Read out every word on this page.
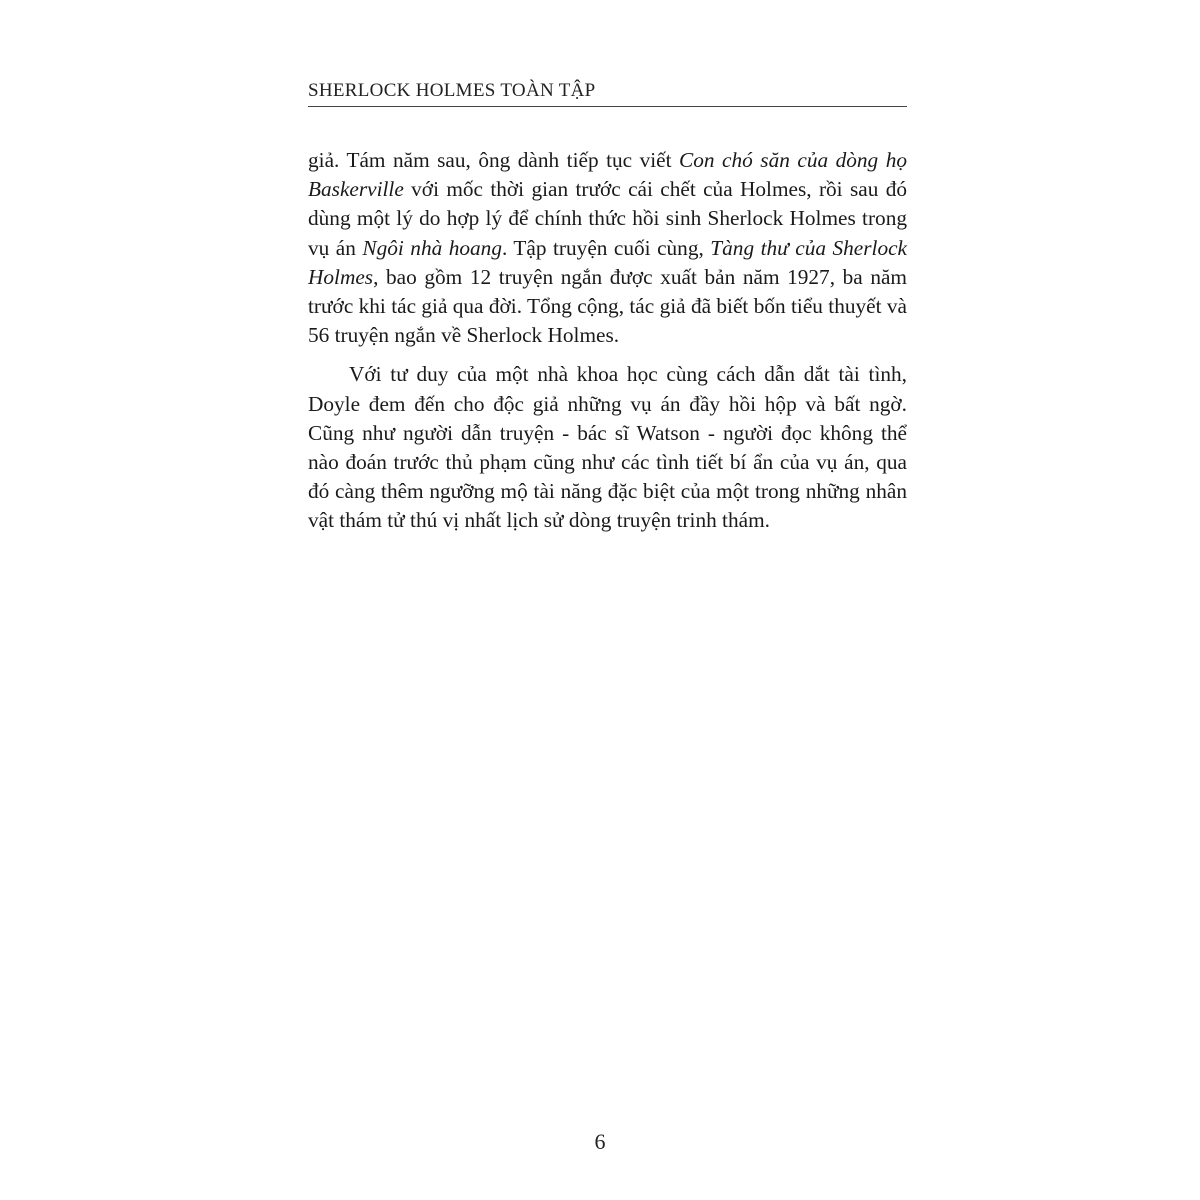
SHERLOCK HOLMES TOÀN TẬP

giả. Tám năm sau, ông dành tiếp tục viết Con chó săn của dòng họ Baskerville với mốc thời gian trước cái chết của Holmes, rồi sau đó dùng một lý do hợp lý để chính thức hồi sinh Sherlock Holmes trong vụ án Ngôi nhà hoang. Tập truyện cuối cùng, Tàng thư của Sherlock Holmes, bao gồm 12 truyện ngắn được xuất bản năm 1927, ba năm trước khi tác giả qua đời. Tổng cộng, tác giả đã biết bốn tiểu thuyết và 56 truyện ngắn về Sherlock Holmes.

Với tư duy của một nhà khoa học cùng cách dẫn dắt tài tình, Doyle đem đến cho độc giả những vụ án đầy hồi hộp và bất ngờ. Cũng như người dẫn truyện - bác sĩ Watson - người đọc không thể nào đoán trước thủ phạm cũng như các tình tiết bí ẩn của vụ án, qua đó càng thêm ngưỡng mộ tài năng đặc biệt của một trong những nhân vật thám tử thú vị nhất lịch sử dòng truyện trinh thám.

6
